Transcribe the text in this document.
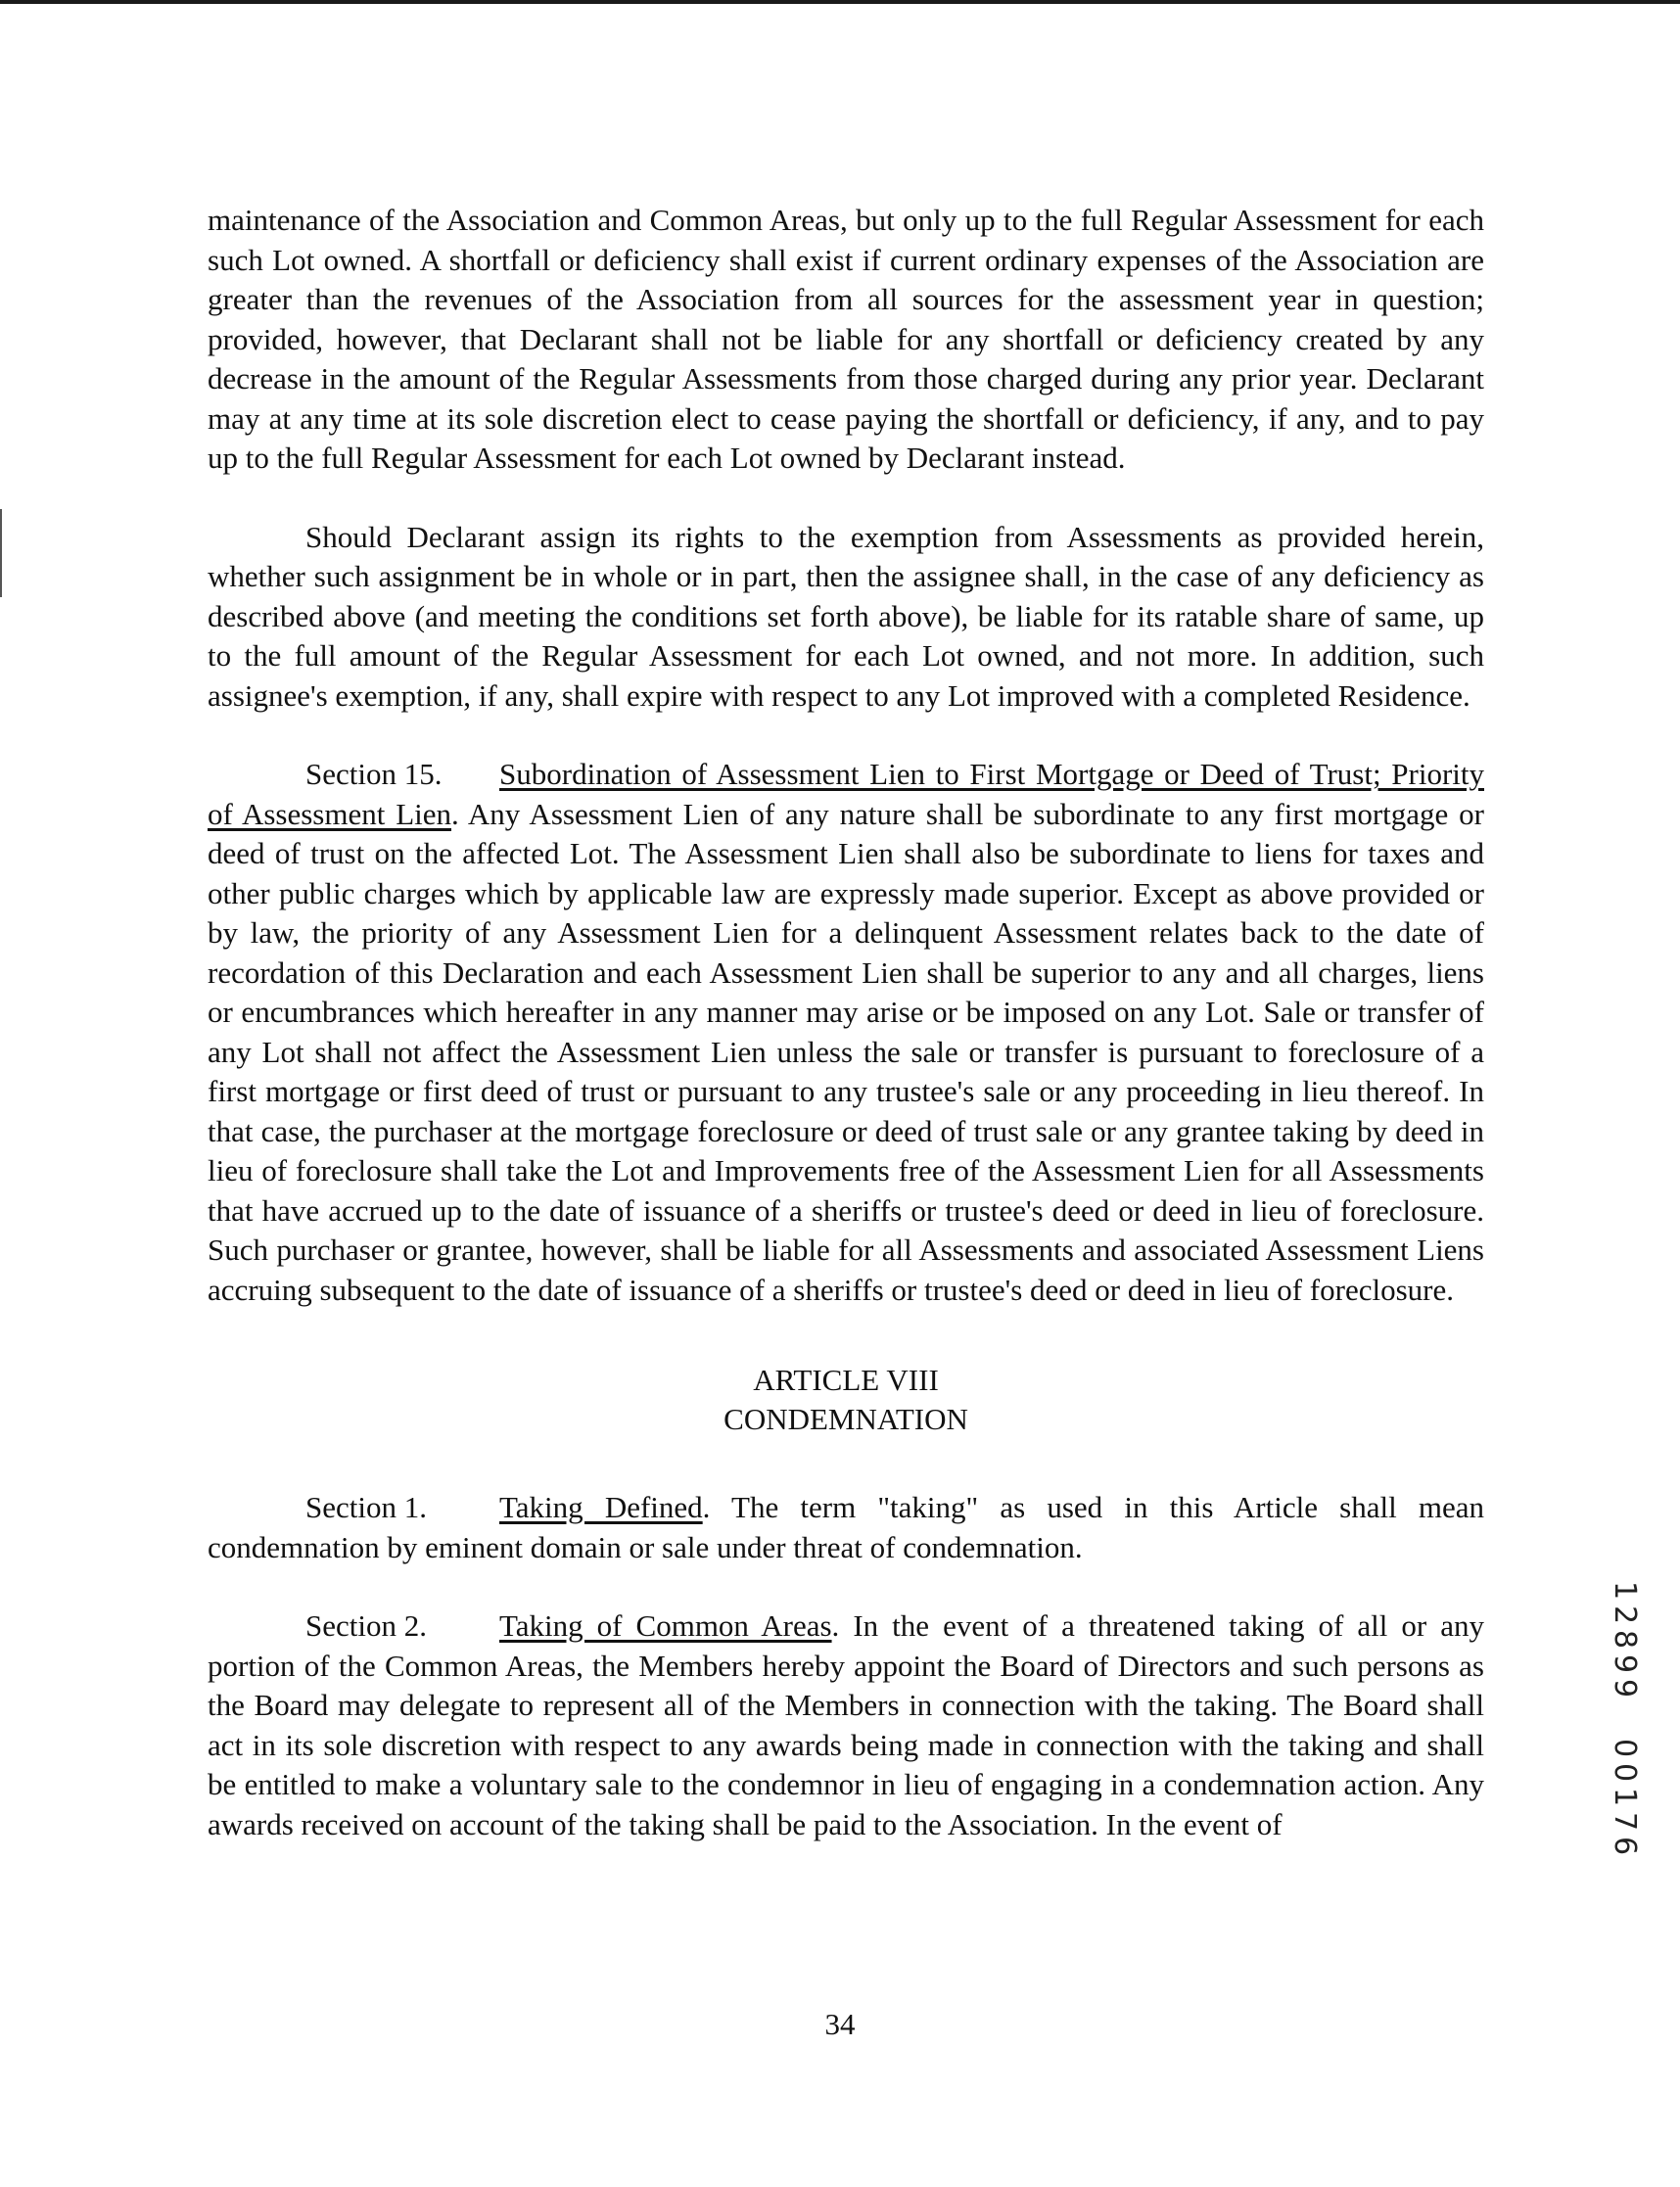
maintenance of the Association and Common Areas, but only up to the full Regular Assessment for each such Lot owned. A shortfall or deficiency shall exist if current ordinary expenses of the Association are greater than the revenues of the Association from all sources for the assessment year in question; provided, however, that Declarant shall not be liable for any shortfall or deficiency created by any decrease in the amount of the Regular Assessments from those charged during any prior year. Declarant may at any time at its sole discretion elect to cease paying the shortfall or deficiency, if any, and to pay up to the full Regular Assessment for each Lot owned by Declarant instead.

Should Declarant assign its rights to the exemption from Assessments as provided herein, whether such assignment be in whole or in part, then the assignee shall, in the case of any deficiency as described above (and meeting the conditions set forth above), be liable for its ratable share of same, up to the full amount of the Regular Assessment for each Lot owned, and not more. In addition, such assignee's exemption, if any, shall expire with respect to any Lot improved with a completed Residence.

Section 15. Subordination of Assessment Lien to First Mortgage or Deed of Trust; Priority of Assessment Lien. Any Assessment Lien of any nature shall be subordinate to any first mortgage or deed of trust on the affected Lot. The Assessment Lien shall also be subordinate to liens for taxes and other public charges which by applicable law are expressly made superior. Except as above provided or by law, the priority of any Assessment Lien for a delinquent Assessment relates back to the date of recordation of this Declaration and each Assessment Lien shall be superior to any and all charges, liens or encumbrances which hereafter in any manner may arise or be imposed on any Lot. Sale or transfer of any Lot shall not affect the Assessment Lien unless the sale or transfer is pursuant to foreclosure of a first mortgage or first deed of trust or pursuant to any trustee's sale or any proceeding in lieu thereof. In that case, the purchaser at the mortgage foreclosure or deed of trust sale or any grantee taking by deed in lieu of foreclosure shall take the Lot and Improvements free of the Assessment Lien for all Assessments that have accrued up to the date of issuance of a sheriffs or trustee's deed or deed in lieu of foreclosure. Such purchaser or grantee, however, shall be liable for all Assessments and associated Assessment Liens accruing subsequent to the date of issuance of a sheriffs or trustee's deed or deed in lieu of foreclosure.

ARTICLE VIII
CONDEMNATION

Section 1. Taking Defined. The term "taking" as used in this Article shall mean condemnation by eminent domain or sale under threat of condemnation.

Section 2. Taking of Common Areas. In the event of a threatened taking of all or any portion of the Common Areas, the Members hereby appoint the Board of Directors and such persons as the Board may delegate to represent all of the Members in connection with the taking. The Board shall act in its sole discretion with respect to any awards being made in connection with the taking and shall be entitled to make a voluntary sale to the condemnor in lieu of engaging in a condemnation action. Any awards received on account of the taking shall be paid to the Association. In the event of

1
2
8
9
9
0
0
1
7
6
34
